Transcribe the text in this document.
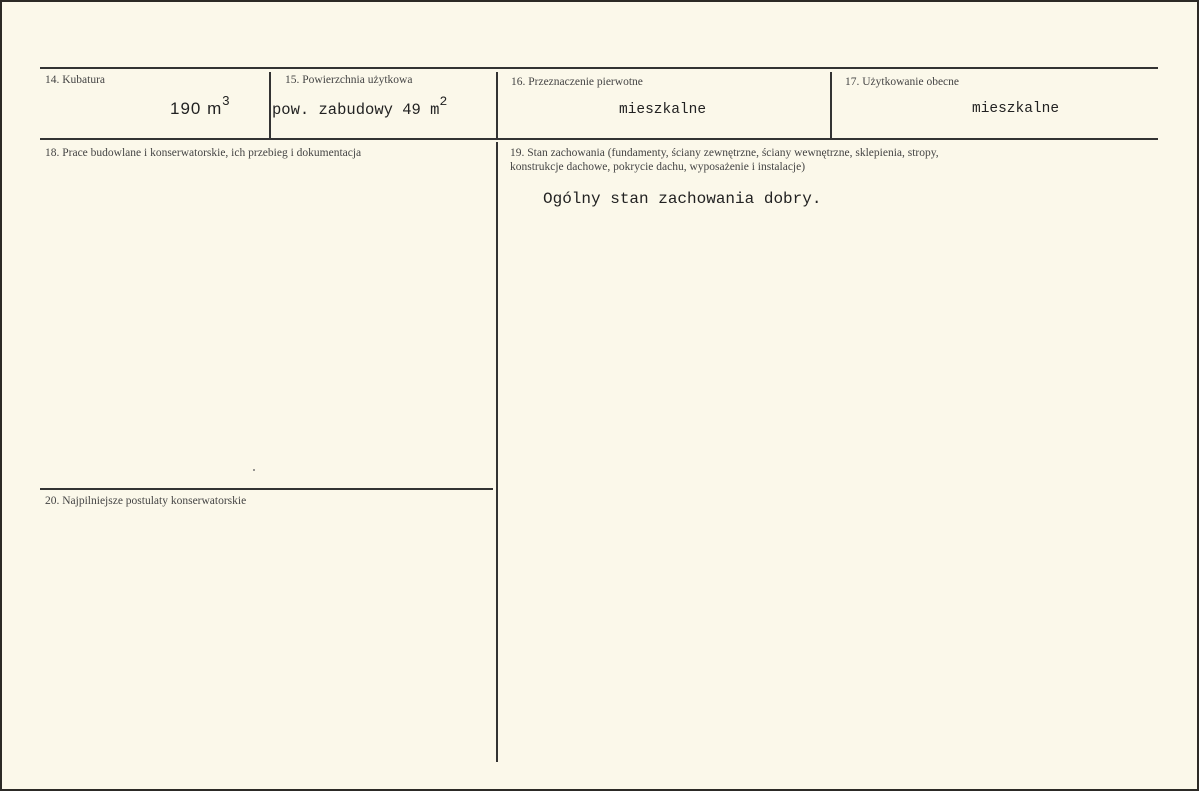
14. Kubatura
190 $m^3$
15. Powierzchnia użytkowa
pow. zabudowy 49 $m^2$
16. Przeznaczenie pierwotne
mieszkalne
17. Użytkowanie obecne
mieszkalne
18. Prace budowlane i konserwatorskie, ich przebieg i dokumentacja	19. Stan zachowania (fundamenty, ściany zewnętrzne, ściany wewnętrzne, sklepienia, stropy,
konstrukcje dachowe, pokrycie dachu, wyposażenie i instalacje)
Ogólny stan zachowania dobry.
20. Najpilniejsze postulaty konserwatorskie
